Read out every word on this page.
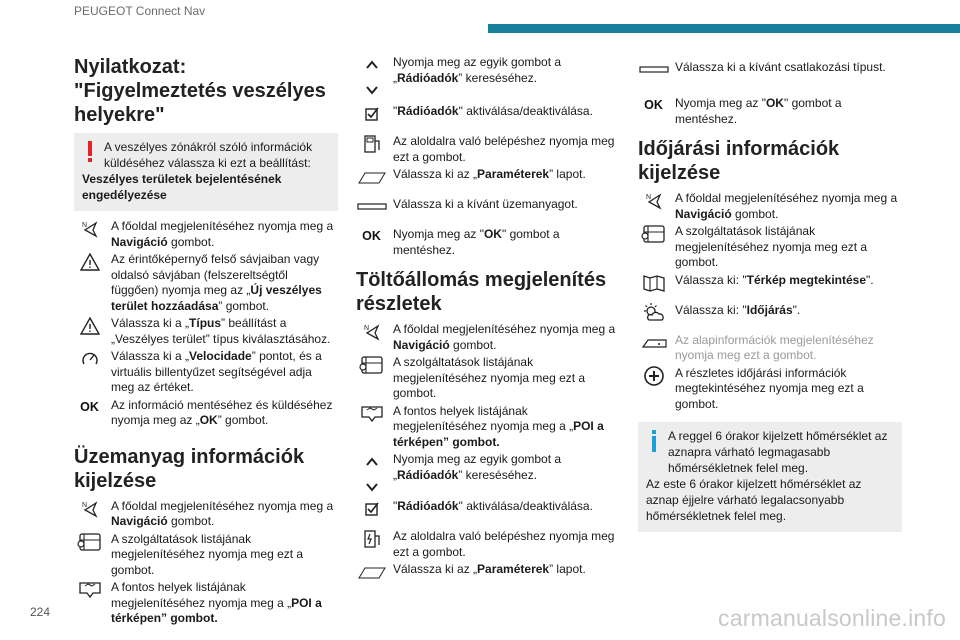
PEUGEOT Connect Nav
Nyilatkozat: "Figyelmeztetés veszélyes helyekre"
A veszélyes zónákról szóló információk küldéséhez válassza ki ezt a beállítást:
Veszélyes területek bejelentésének engedélyezése
N A főoldal megjelenítéséhez nyomja meg a Navigáció gombot.
Az érintőképernyő felső sávjaiban vagy oldalsó sávjában (felszereltségtől függően) nyomja meg az „Új veszélyes terület hozzáadása” gombot.
Válassza ki a „Típus” beállítást a „Veszélyes terület” típus kiválasztásához.
Válassza ki a „Velocidade” pontot, és a virtuális billentyűzet segítségével adja meg az értéket.
OK	Az információ mentéséhez és küldéséhez nyomja meg az „OK” gombot.
Üzemanyag információk kijelzése
N A főoldal megjelenítéséhez nyomja meg a Navigáció gombot.
A szolgáltatások listájának megjelenítéséhez nyomja meg ezt a gombot.
A fontos helyek listájának megjelenítéséhez nyomja meg a „POI a térképen” gombot.
Nyomja meg az egyik gombot a „Rádióadók” kereséséhez.
"Rádióadók" aktiválása/deaktiválása.
Az aloldalra való belépéshez nyomja meg ezt a gombot.
Válassza ki az „Paraméterek” lapot.
Válassza ki a kívánt üzemanyagot.
OK	Nyomja meg az "OK" gombot a mentéshez.
Töltőállomás megjelenítés részletek
N A főoldal megjelenítéséhez nyomja meg a Navigáció gombot.
A szolgáltatások listájának megjelenítéséhez nyomja meg ezt a gombot.
A fontos helyek listájának megjelenítéséhez nyomja meg a „POI a térképen” gombot.
Nyomja meg az egyik gombot a „Rádióadók” kereséséhez.
"Rádióadók" aktiválása/deaktiválása.
Az aloldalra való belépéshez nyomja meg ezt a gombot.
Válassza ki az „Paraméterek” lapot.
Válassza ki a kívánt csatlakozási típust.
OK	Nyomja meg az "OK" gombot a mentéshez.
Időjárási információk kijelzése
N A főoldal megjelenítéséhez nyomja meg a Navigáció gombot.
A szolgáltatások listájának megjelenítéséhez nyomja meg ezt a gombot.
Válassza ki: "Térkép megtekintése".
Válassza ki: "Időjárás".
Az alapinformációk megjelenítéséhez nyomja meg ezt a gombot.
A részletes időjárási információk megtekintéséhez nyomja meg ezt a gombot.
A reggel 6 órakor kijelzett hőmérséklet az aznapra várható legmagasabb hőmérsékletnek felel meg.
Az este 6 órakor kijelzett hőmérséklet az aznap éjjelre várható legalacsonyabb hőmérsékletnek felel meg.
224	carmanualsonline.info
